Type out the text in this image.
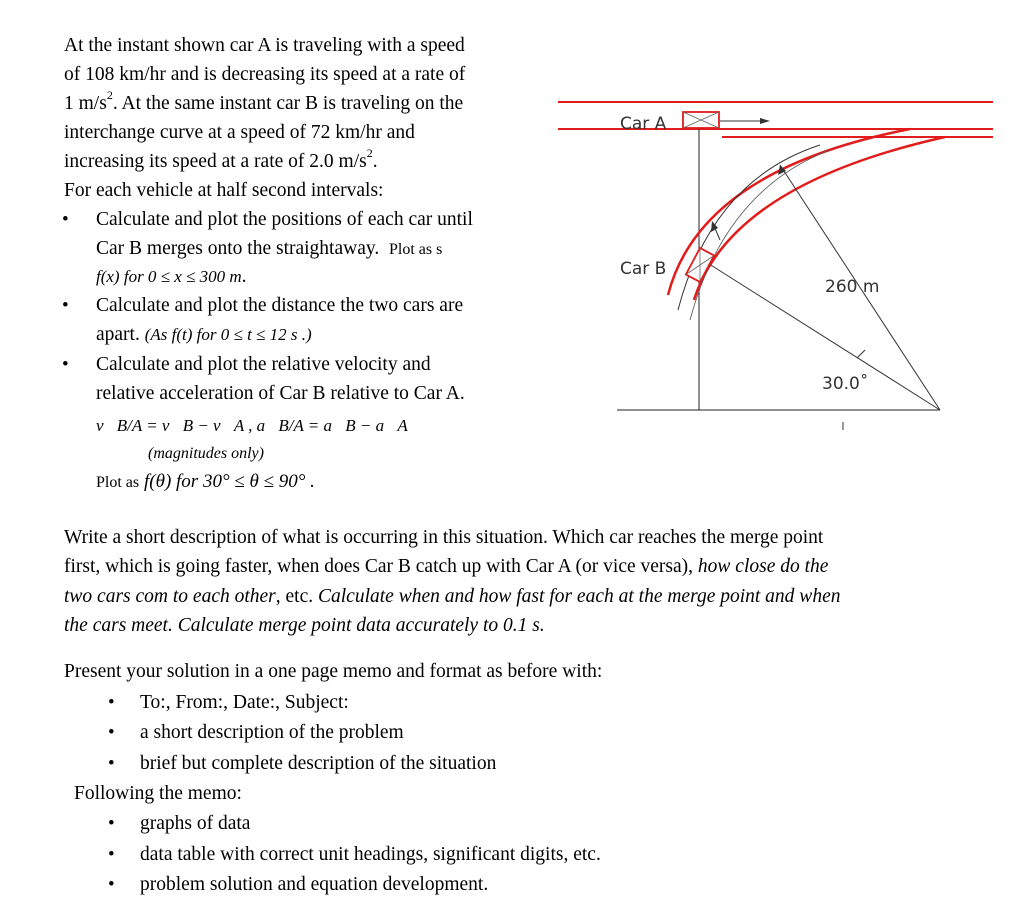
At the instant shown car A is traveling with a speed
of 108 km/hr and is decreasing its speed at a rate of
1 $m/s^2$. At the same instant car B is traveling on the
interchange curve at a speed of 72 km/hr and
increasing its speed at a rate of 2.0 $m/s^2$.
For each vehicle at half second intervals:
• Calculate and plot the positions of each car until
Car B merges onto the straightaway. Plot as s
f(x) for 0 ≤ x ≤ 300 m.
• Calculate and plot the distance the two cars are
apart. (As f(t) for 0 ≤ t ≤ 12 s .)
• Calculate and plot the relative velocity and
relative acceleration of Car B relative to Car A.
v⃗B/A = v⃗B − v⃗A , a⃗B/A = a⃗B − a⃗A
(magnitudes only)
Plot as f(θ) for 30° ≤ θ ≤ 90° .
Car A
Car B
260 m
30.0˚
Write a short description of what is occurring in this situation. Which car reaches the merge point
first, which is going faster, when does Car B catch up with Car A (or vice versa), how close do the
two cars com to each other, etc. Calculate when and how fast for each at the merge point and when
the cars meet. Calculate merge point data accurately to 0.1 s.
Present your solution in a one page memo and format as before with:
• To:, From:, Date:, Subject:
• a short description of the problem
• brief but complete description of the situation
Following the memo:
• graphs of data
• data table with correct unit headings, significant digits, etc.
• problem solution and equation development.
